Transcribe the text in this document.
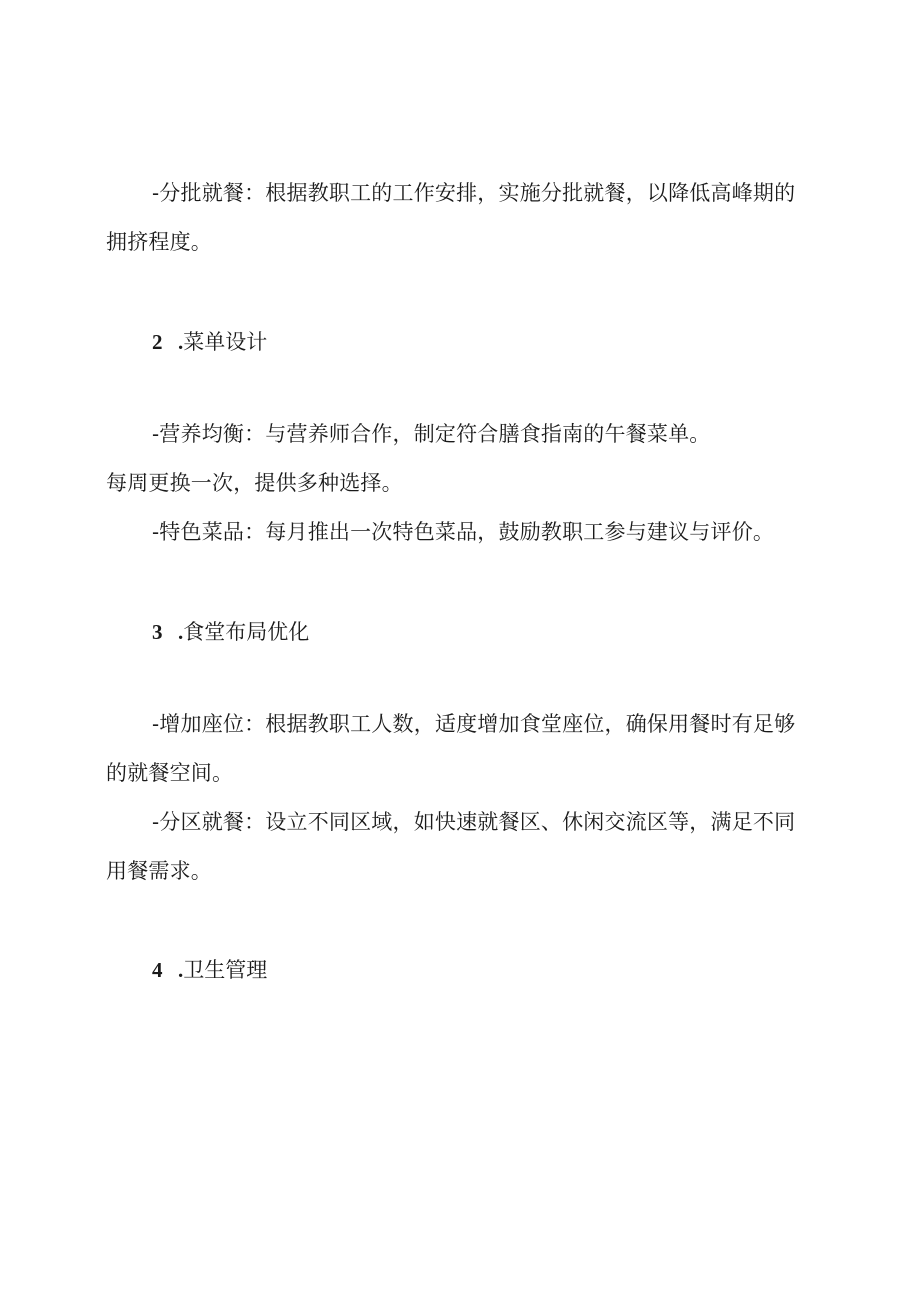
-分批就餐：根据教职工的工作安排，实施分批就餐，以降低高峰期的
拥挤程度。
2 .菜单设计
-营养均衡：与营养师合作，制定符合膳食指南的午餐菜单。
每周更换一次，提供多种选择。
-特色菜品：每月推出一次特色菜品，鼓励教职工参与建议与评价。
3 .食堂布局优化
-增加座位：根据教职工人数，适度增加食堂座位，确保用餐时有足够
的就餐空间。
-分区就餐：设立不同区域，如快速就餐区、休闲交流区等，满足不同
用餐需求。
4 .卫生管理
